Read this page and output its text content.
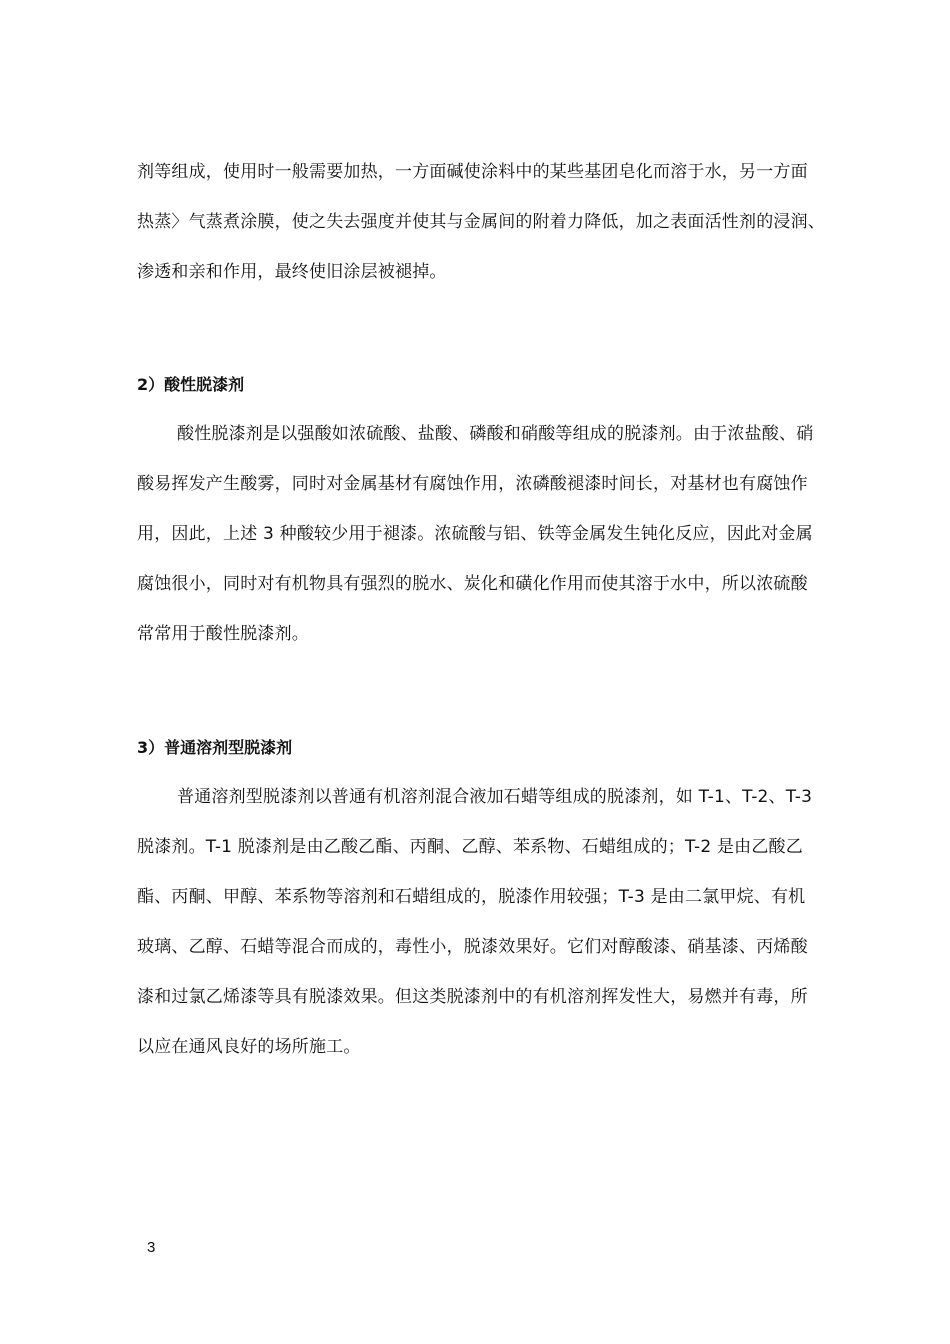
剂等组成，使用时一般需要加热，一方面碱使涂料中的某些基团皂化而溶于水，另一方面
热蒸〉气蒸煮涂膜，使之失去强度并使其与金属间的附着力降低，加之表面活性剂的浸润、
渗透和亲和作用，最终使旧涂层被褪掉。
2）酸性脱漆剂
酸性脱漆剂是以强酸如浓硫酸、盐酸、磷酸和硝酸等组成的脱漆剂。由于浓盐酸、硝
酸易挥发产生酸雾，同时对金属基材有腐蚀作用，浓磷酸褪漆时间长，对基材也有腐蚀作
用，因此，上述 3 种酸较少用于褪漆。浓硫酸与铝、铁等金属发生钝化反应，因此对金属
腐蚀很小，同时对有机物具有强烈的脱水、炭化和磺化作用而使其溶于水中，所以浓硫酸
常常用于酸性脱漆剂。
3）普通溶剂型脱漆剂
普通溶剂型脱漆剂以普通有机溶剂混合液加石蜡等组成的脱漆剂，如 T-1、T-2、T-3
脱漆剂。T-1 脱漆剂是由乙酸乙酯、丙酮、乙醇、苯系物、石蜡组成的；T-2 是由乙酸乙
酯、丙酮、甲醇、苯系物等溶剂和石蜡组成的，脱漆作用较强；T-3 是由二氯甲烷、有机
玻璃、乙醇、石蜡等混合而成的，毒性小，脱漆效果好。它们对醇酸漆、硝基漆、丙烯酸
漆和过氯乙烯漆等具有脱漆效果。但这类脱漆剂中的有机溶剂挥发性大，易燃并有毒，所
以应在通风良好的场所施工。
3
